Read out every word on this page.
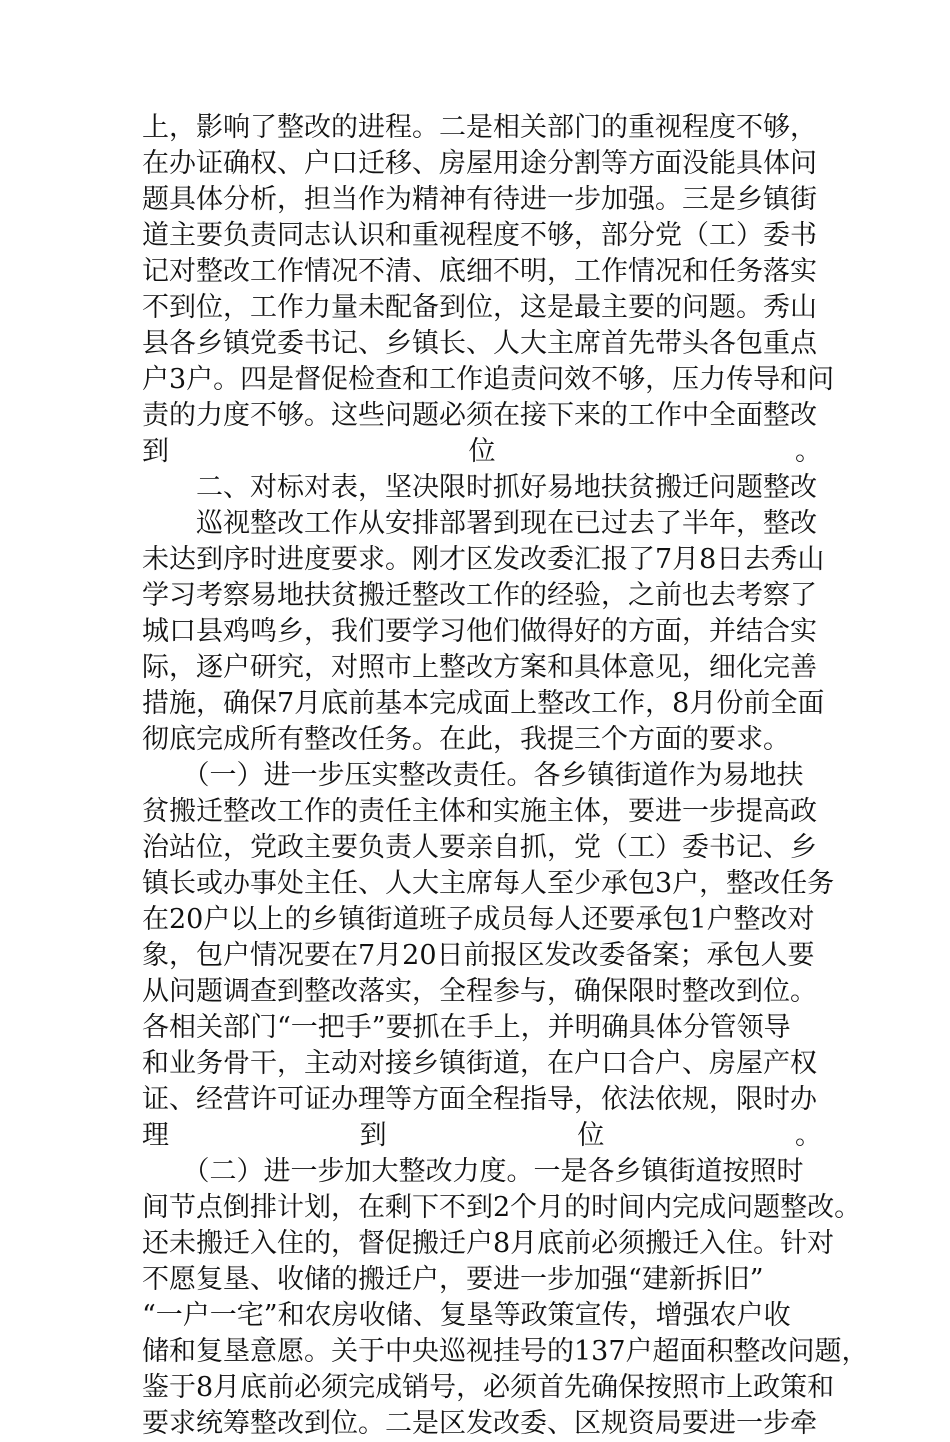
上，影响了整改的进程。二是相关部门的重视程度不够，
在办证确权、户口迁移、房屋用途分割等方面没能具体问
题具体分析，担当作为精神有待进一步加强。三是乡镇街
道主要负责同志认识和重视程度不够，部分党（工）委书
记对整改工作情况不清、底细不明，工作情况和任务落实
不到位，工作力量未配备到位，这是最主要的问题。秀山
县各乡镇党委书记、乡镇长、人大主席首先带头各包重点
户3户。四是督促检查和工作追责问效不够，压力传导和问
责的力度不够。这些问题必须在接下来的工作中全面整改
到	位	。
　　二、对标对表，坚决限时抓好易地扶贫搬迁问题整改
　　巡视整改工作从安排部署到现在已过去了半年，整改
未达到序时进度要求。刚才区发改委汇报了7月8日去秀山
学习考察易地扶贫搬迁整改工作的经验，之前也去考察了
城口县鸡鸣乡，我们要学习他们做得好的方面，并结合实
际，逐户研究，对照市上整改方案和具体意见，细化完善
措施，确保7月底前基本完成面上整改工作，8月份前全面
彻底完成所有整改任务。在此，我提三个方面的要求。
　　（一）进一步压实整改责任。各乡镇街道作为易地扶
贫搬迁整改工作的责任主体和实施主体，要进一步提高政
治站位，党政主要负责人要亲自抓，党（工）委书记、乡
镇长或办事处主任、人大主席每人至少承包3户，整改任务
在20户以上的乡镇街道班子成员每人还要承包1户整改对
象，包户情况要在7月20日前报区发改委备案；承包人要
从问题调查到整改落实，全程参与，确保限时整改到位。
各相关部门“一把手”要抓在手上，并明确具体分管领导
和业务骨干，主动对接乡镇街道，在户口合户、房屋产权
证、经营许可证办理等方面全程指导，依法依规，限时办
理	到	位	。
　　（二）进一步加大整改力度。一是各乡镇街道按照时
间节点倒排计划，在剩下不到2个月的时间内完成问题整改。
还未搬迁入住的，督促搬迁户8月底前必须搬迁入住。针对
不愿复垦、收储的搬迁户，要进一步加强“建新拆旧”
“一户一宅”和农房收储、复垦等政策宣传，增强农户收
储和复垦意愿。关于中央巡视挂号的137户超面积整改问题，
鉴于8月底前必须完成销号，必须首先确保按照市上政策和
要求统筹整改到位。二是区发改委、区规资局要进一步牵
